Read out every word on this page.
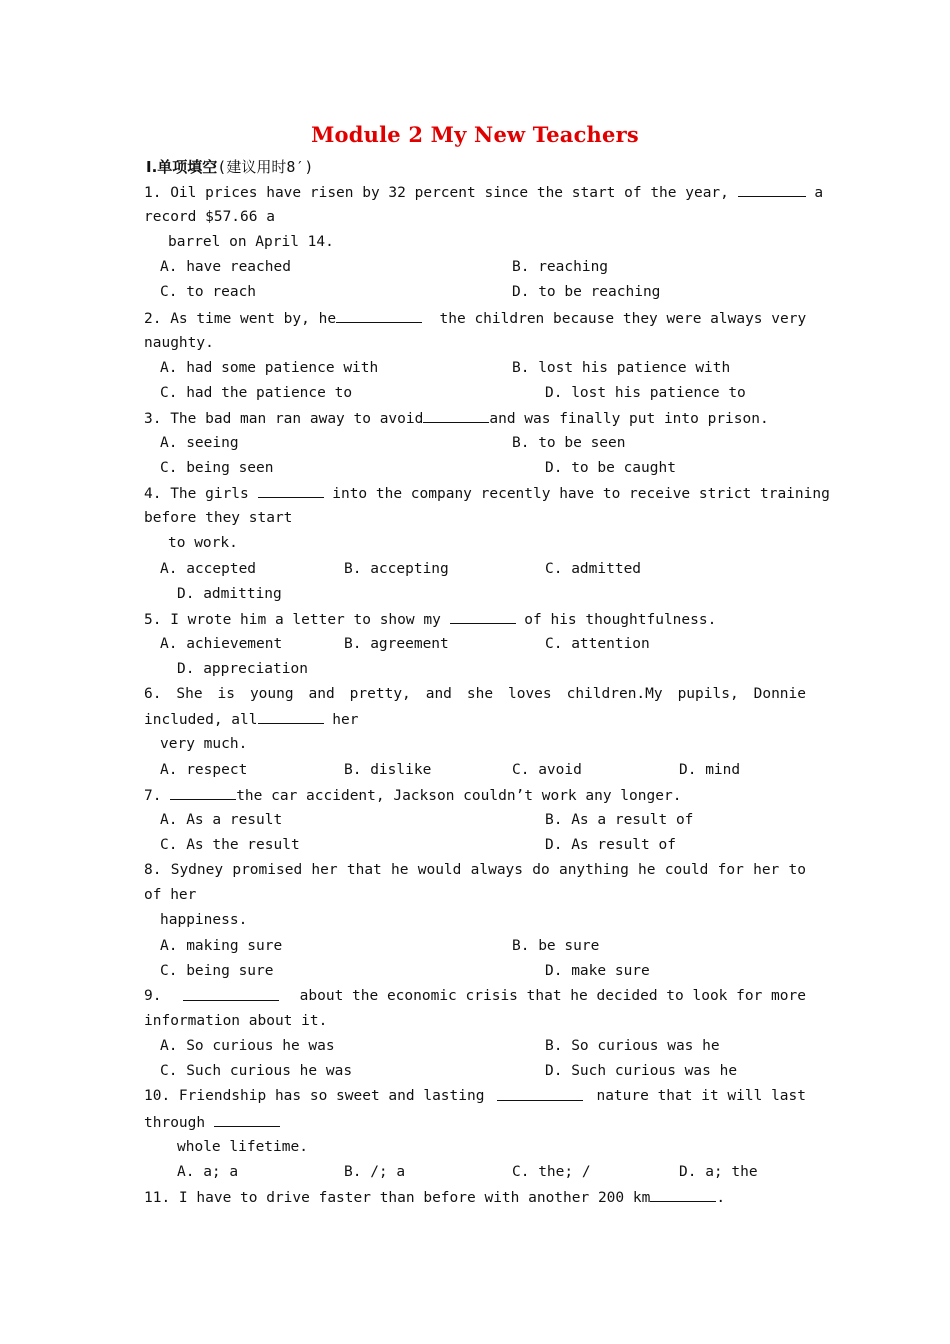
Module 2 My New Teachers
Ⅰ.单项填空(建议用时8′)
1. Oil prices have risen by 32 percent since the start of the year,	a
record $57.66 a
barrel on April 14.
A. have reached	B. reaching
C. to reach	D. to be reaching
2. As time went by, he	the children because they were always very
naughty.
A. had some patience with	B. lost his patience with
C. had the patience to	D. lost his patience to
3. The bad man ran away to avoid	and was finally put into prison.
A. seeing	B. to be seen
C. being seen	D. to be caught
4. The girls	into the company recently have to receive strict training
before they start
to work.
A. accepted	B. accepting	C. admitted
D. admitting
5. I wrote him a letter to show my	of his thoughtfulness.
A. achievement	B. agreement	C. attention
D. appreciation
6. She is young and pretty, and she loves children.My pupils, Donnie
included, all	her
very much.
A. respect	B. dislike	C. avoid	D. mind
7.	the car accident, Jackson couldn’t work any longer.
A. As a result	B. As a result of
C. As the result	D. As result of
8. Sydney promised her that he would always do anything he could for her to
of her
happiness.
A. making sure	B. be sure
C. being sure	D. make sure
9.	about the economic crisis that he decided to look for more
information about it.
A. So curious he was	B. So curious was he
C. Such curious he was	D. Such curious was he
10. Friendship has so sweet and lasting	nature that it will last
through
whole lifetime.
A. a; a	B. /; a	C. the; /	D. a; the
11. I have to drive faster than before with another 200 km	.
